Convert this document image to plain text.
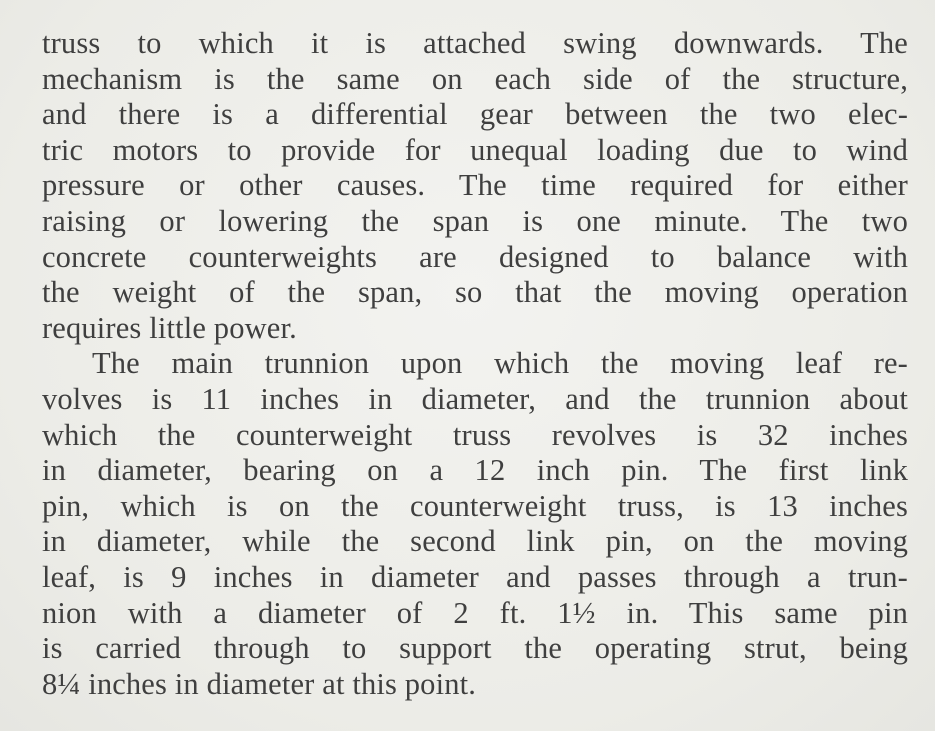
truss to which it is attached swing downwards. The
mechanism is the same on each side of the structure,
and there is a differential gear between the two elec-
tric motors to provide for unequal loading due to wind
pressure or other causes. The time required for either
raising or lowering the span is one minute. The two
concrete counterweights are designed to balance with
the weight of the span, so that the moving operation
requires little power.
The main trunnion upon which the moving leaf re-
volves is 11 inches in diameter, and the trunnion about
which the counterweight truss revolves is 32 inches
in diameter, bearing on a 12 inch pin. The first link
pin, which is on the counterweight truss, is 13 inches
in diameter, while the second link pin, on the moving
leaf, is 9 inches in diameter and passes through a trun-
nion with a diameter of 2 ft. 1½ in. This same pin
is carried through to support the operating strut, being
8¼ inches in diameter at this point.
